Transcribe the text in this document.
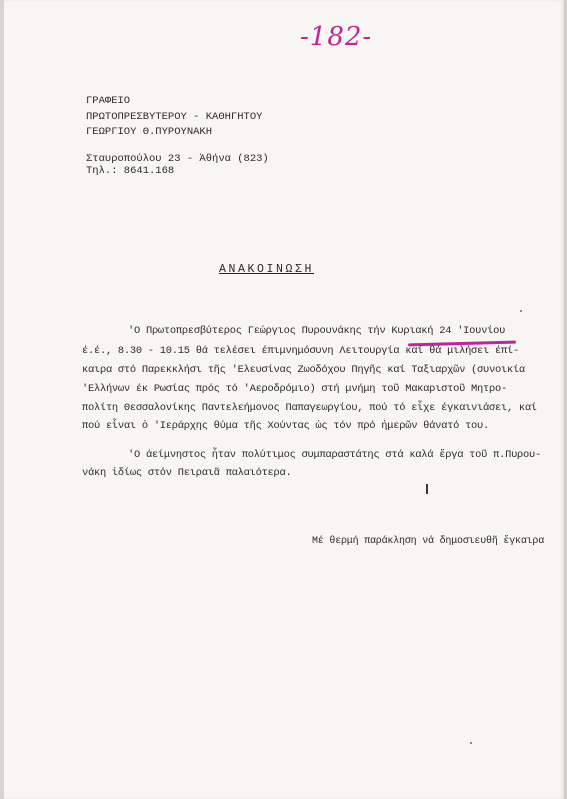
-182-
ΓΡΑΦΕΙΟ
ΠΡΩΤΟΠΡΕΣΒΥΤΕΡΟΥ - ΚΑΘΗΓΗΤΟΥ
ΓΕΩΡΓΙΟΥ Θ.ΠΥΡΟΥΝΑΚΗ
Σταυροπούλου 23 - Ἀθήνα (823)
Τηλ.: 8641.168
ΑΝΑΚΟΙΝΩΣΗ
'Ο Πρωτοπρεσβύτερος Γεώργιος Πυρουνάκης τήν Κυριακή 24 'Ιουνίου
έ.έ., 8.30 - 10.15 θά τελέσει έπιμνημόσυνη Λειτουργία καί θά μιλήσει έπί-
καιρα στό Παρεκκλήσι τῆς 'Ελευσίνας Ζωοδόχου Πηγῆς καί Ταξιαρχῶν (συνοικία
'Ελλήνων έκ Ρωσίας πρός τό 'Αεροδρόμιο) στή μνήμη τοῦ Μακαριστοῦ Μητρο-
πολίτη Θεσσαλονίκης Παντελεήμονος Παπαγεωργίου, πού τό εἶχε έγκαινιάσει, καί
πού εἶναι ὁ 'Ιεράρχης θύμα τῆς Χούντας ὡς τόν πρό ἡμερῶν θάνατό του.
'Ο άείμνηστος ἦταν πολύτιμος συμπαραστάτης στά καλά ἔργα τοῦ π.Πυρου-
νάκη ἰδίως στόν Πειραιᾶ παλαιότερα.
Μέ θερμή παράκληση νά δημοσιευθῆ ἔγκαιρα
